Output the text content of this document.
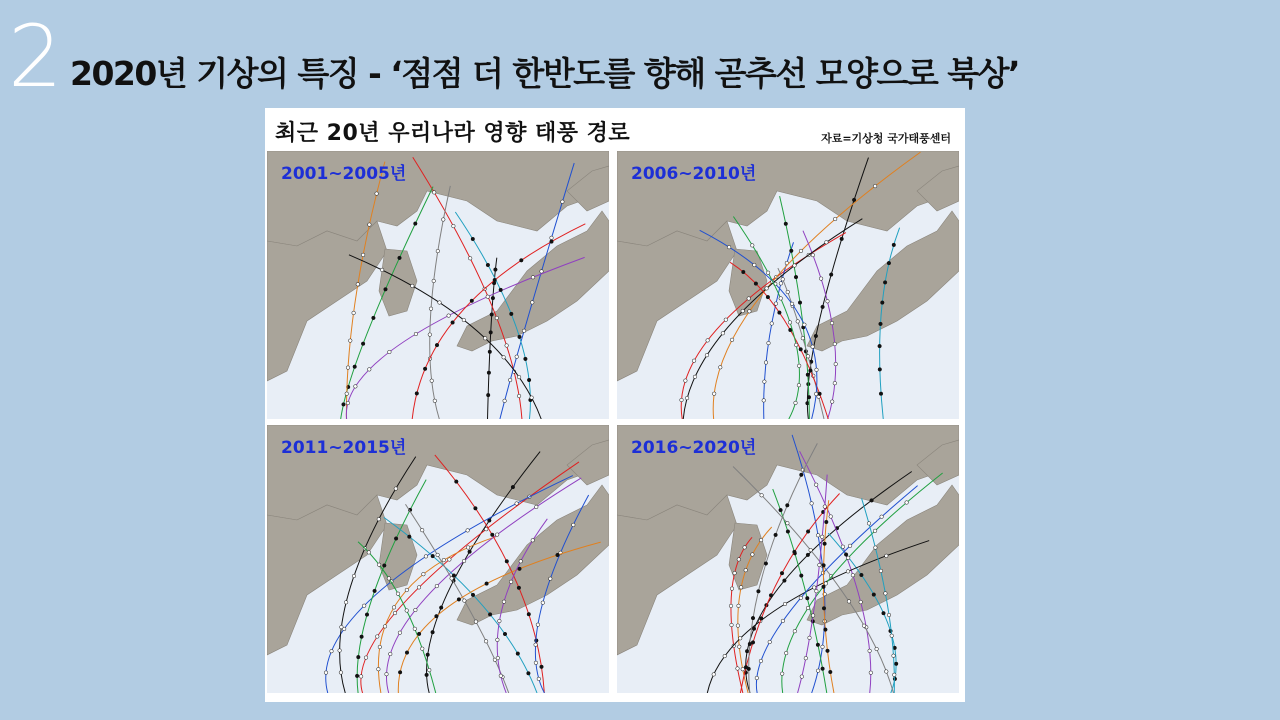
2 2020년 기상의 특징 - ‘점점 더 한반도를 향해 곧추선 모양으로 북상’
최근 20년 우리나라 영향 태풍 경로	자료=기상청 국가태풍센터
2001~2005년	2006~2010년
2011~2015년	2016~2020년
